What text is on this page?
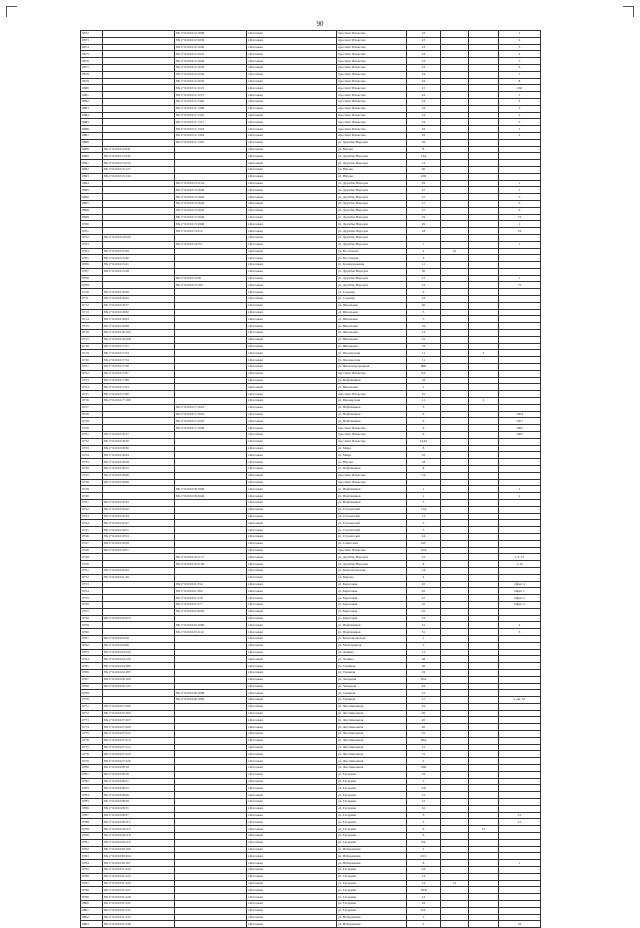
90
9672		86:17:0101012:1008	г.Когалым	проспект Ильясова	23			1
9673		86:17:0101012:1039	г.Когалым	проспект Ильясова	23			2
9674		86:17:0101012:1040	г.Когалым	проспект Ильясова	23			3
9675		86:17:0101012:1041	г.Когалым	проспект Ильясова	23			4
9676		86:17:0101012:1042	г.Когалым	проспект Ильясова	23			5
9677		86:17:0101012:1043	г.Когалым	проспект Ильясова	23			6
9678		86:17:0101012:1044	г.Когалым	проспект Ильясова	24			7
9679		86:17:0101012:1045	г.Когалым	проспект Ильясова	24			8
9680		86:17:0101011:1123	г.Когалым	проспект Ильясова	15			160
9681		86:17:0101011:1237	г.Когалым	проспект Ильясова	24			1
9682		86:17:0101011:1304	г.Когалым	проспект Ильясова	24			4
9683		86:17:0101011:1309	г.Когалым	проспект Ильясова	24			5
9684		86:17:0101011:1310	г.Когалым	проспект Ильясова	24			2
9685		86:17:0101011:1311	г.Когалым	проспект Ильясова	24			3
9686		86:17:0101011:1323	г.Когалым	проспект Ильясова	16			1
9687		86:17:0101011:1324	г.Когалым	проспект Ильясова	16			2
9688		86:17:0101011:1325	г.Когалым	ул. Дружбы Народов	36			
9689	86:17:0101013:241		г.Когалым	ул. Юрова	8			
9690	86:17:0101013:245		г.Когалым	ул. Дружбы Народов	13А			
9691	86:17:0101013:252		г.Когалым	ул. Дружбы Народов	13			
9692	86:17:0101013:127		г.Когалым	ул. Юрова	20			
9693	86:17:0101013:130		г.Когалым	ул. Юрова	10Б			
9694		86:17:0101013:1154	г.Когалым	ул. Дружбы Народов	29			1
9695		86:17:0101013:1640	г.Когалым	ул. Дружбы Народов	27			1
9696		86:17:0101013:1642	г.Когалым	ул. Дружбы Народов	27			3
9697		86:17:0101013:1644	г.Когалым	ул. Дружбы Народов	27			5
9698		86:17:0101013:1645	г.Когалым	ул. Дружбы Народов	27			6
9699		86:17:0101013:1649	г.Когалым	ул. Дружбы Народов	19			72
9700		86:17:0101013:1666	г.Когалым	ул. Дружбы Народов	29			1
9701		86:17:0101013:312	г.Когалым	ул. Дружбы Народов	18			19
9702	86:17:0101014:326		г.Когалым	ул. Дружбы Народов				
9703		86:17:0101014:357	г.Когалым	ул. Дружбы Народов	7			1
9704	86:17:0101015:39		г.Когалым	ул. Восточная	4	10		
9705	86:17:0101015:40		г.Когалым	ул. Восточная	4			
9706	86:17:0101015:41		г.Когалым	ул. Коммунальная	11			
9707	86:17:0101015:48		г.Когалым	ул. Дружбы Народов	50			
9708		86:17:0101015:58	г.Когалым	ул. Дружбы Народов	12			1
9709		86:17:0101015:706	г.Когалым	ул. Дружбы Народов	12			75
9710	86:17:0101016:49		г.Когалым	ул. Садовая	9			
9711	86:17:0101016:62		г.Когалым	ул. Садовая	23			
9712	86:17:0101016:77		г.Когалым	ул. Школьная	40			
9713	86:17:0101016:82		г.Когалым	ул. Школьная	5			
9714	86:17:0101016:93		г.Когалым	ул. Школьная	5			
9715	86:17:0101016:99		г.Когалым	ул. Школьная	16			
9716	86:17:0101016:104		г.Когалым	ул. Школьная	14			
9717	86:17:0101016:108		г.Когалым	ул. Школьная	31			
9718	86:17:0101017:51		г.Когалым	ул. Школьная	33			
9719	86:17:0101017:53		г.Когалым	ул. Пионерская	11		3	
9720	86:17:0101017:54		г.Когалым	ул. Пионерская	11			
9721	86:17:0101017:56		г.Когалым	ул. Железнодорожная	96Б			
9722	86:17:0101017:87		г.Когалым	проспект Ильясова	6А			
9723	86:17:0101017:89		г.Когалым	ул. Нефтяников	16			
9724	86:17:0101017:93		г.Когалым	ул. Школьная	1			
9725	86:17:0101017:96		г.Когалым	проспект Ильясова	10			
9726	86:17:0101017:100		г.Когалым	ул. Пионерская	11		2	
9727		86:17:0101017:1023	г.Когалым	ул. Нефтяников	3			
9728		86:17:0101017:1024	г.Когалым	ул. Нефтяников	6			1004
9729		86:17:0101017:1025	г.Когалым	ул. Нефтяников	6			1001
9730		86:17:0101017:1026	г.Когалым	проспект Ильясова	6			1005
9731	86:17:0101018:17		г.Когалым	проспект Ильясова	6			1003
9732	86:17:0101018:20		г.Когалым	проспект Ильясова	14А2			
9733	86:17:0101018:36		г.Когалым	ул. Мира	8			
9734	86:17:0101018:43		г.Когалым	ул. Мира	10			
9735	86:17:0101018:49		г.Когалым	ул. Юрова	18			
9736	86:17:0101018:55		г.Когалым	ул. Нефтяников	8			
9737	86:17:0101018:60		г.Когалым	проспект Ильясова	7А			
9738	86:17:0101018:90		г.Когалым	проспект Ильясова				
9739		86:17:0101018:1006	г.Когалым	ул. Нефтяников	1			1
9740		86:17:0101018:1040	г.Когалым	ул. Нефтяников	1			2
9741	86:17:0101019:33		г.Когалым	ул. Нефтяников	5			
9742	86:17:0101019:42		г.Когалым	ул. Строителей	11А			
9743	86:17:0101019:44		г.Когалым	ул. Строителей	12			
9744	86:17:0101019:47		г.Когалым	ул. Строителей	3			
9745	86:17:0101019:51		г.Когалым	ул. Строителей	5			
9746	86:17:0101019:54		г.Когалым	ул. Строителей	3А			
9747	86:17:0101019:58		г.Когалым	ул. Советская	21Г			
9748	86:17:0101019:61		г.Когалым	проспект Ильясова	12А			
9749		86:17:0101019:1117	г.Когалым	ул. Дружбы Народов	15			1-3, 15
9750		86:17:0101019:1138	г.Когалым	ул. Дружбы Народов	8			1-14
9751	86:17:0101020:43		г.Когалым	ул. Комсомольская	1А			
9752	86:17:0101021:46		г.Когалым	ул. Кирова	4			
9753		86:17:0101021:354	г.Когалым	ул. Береговая	45			Офис 4
9754		86:17:0101021:362	г.Когалым	ул. Береговая	45			Офис 1
9755		86:17:0101021:376	г.Когалым	ул. Береговая	47			Офис 3
9756		86:17:0101021:377	г.Когалым	ул. Береговая	45			Офис 2
9757		86:17:0101022:4002	г.Когалым	ул. Береговая	45			
9758	86:17:0101023:413		г.Когалым	ул. Береговая	23			
9759		86:17:0101023:1006	г.Когалым	ул. Нефтяников	31			2
9760		86:17:0101023:1110	г.Когалым	ул. Нефтяников	31			3
9761	86:17:0101024:59		г.Когалым	ул. Комсомольская	1			
9762	86:17:0101024:66		г.Когалым	ул. Молодежная	5			
9763	86:17:0101024:124		г.Когалым	ул. Ленина	12			
9764	86:17:0101024:126		г.Когалым	ул. Ленина	48			
9765	86:17:0101024:186		г.Когалым	ул. Таежная	26			
9766	86:17:0101024:187		г.Когалым	ул. Таежная	16			
9767	86:17:0101026:100		г.Когалым	ул. Западная	30А			
9768	86:17:0101026:125		г.Когалым	ул. Западная	4А			
9769		86:17:0101026:1008	г.Когалым	ул. Таежная	21			
9770		86:17:0101026:1082	г.Когалым	ул. Таежная	27			1-ой, 35
9771	86:17:0101027:200		г.Когалым	ул. Фестивальная	19			
9772	86:17:0101027:204		г.Когалым	ул. Фестивальная	20			
9773	86:17:0101027:207		г.Когалым	ул. Фестивальная	20			
9774	86:17:0101027:209		г.Когалым	ул. Фестивальная	20			
9775	86:17:0101027:212		г.Когалым	ул. Фестивальная	25			
9776	86:17:0101027:213		г.Когалым	ул. Фестивальная	29А			
9777	86:17:0101027:214		г.Когалым	ул. Фестивальная	21			
9778	86:17:0101027:219		г.Когалым	ул. Фестивальная	31			
9779	86:17:0101027:220		г.Когалым	ул. Фестивальная	2			
9780	86:17:0101028:18		г.Когалым	ул. Фестивальная	25Б			
9781	86:17:0101028:19		г.Когалым	ул. Гагарина	19			
9782	86:17:0101028:21		г.Когалым	ул. Гагарина	5			
9783	86:17:0101028:25		г.Когалым	ул. Гагарина	5/6			
9784	86:17:0101028:26		г.Когалым	ул. Гагарина	15			
9785	86:17:0101028:29		г.Когалым	ул. Гагарина	15			
9786	86:17:0101028:31		г.Когалым	ул. Гагарина	10			
9787	86:17:0101028:37		г.Когалым	ул. Гагарина	3			15
9788	86:17:0101028:115		г.Когалым	ул. Гагарина	3			21
9789	86:17:0101029:113		г.Когалым	ул. Гагарина	6		31	
9790	86:17:0101029:118		г.Когалым	ул. Гагарина	6			
9791	86:17:0101029:119		г.Когалым	ул. Гагарина	8А			
9792	86:17:0101030:160		г.Когалым	ул. Набережная	1			
9793	86:17:0101030:164		г.Когалым	ул. Набережная	23/1			
9794	86:17:0101030:167		г.Когалым	ул. Набережная	8			1
9795	86:17:0101031:220		г.Когалым	ул. Гагарина	2А			
9796	86:17:0101031:222		г.Когалым	ул. Гагарина	14			
9797	86:17:0101031:224		г.Когалым	ул. Гагарина	14	14		
9798	86:17:0101031:227		г.Когалым	ул. Гагарина	16/Б			
9799	86:17:0101031:229		г.Когалым	ул. Гагарина	12			
9800	86:17:0101031:231		г.Когалым	ул. Гагарина	16			
9801	86:17:0101031:233		г.Когалым	ул. Гагарина	6А			
9802	86:17:0101031:235		г.Когалым	ул. Набережная	5			
9803	86:17:0101031:238		г.Когалым	ул. Набережная	2			16
